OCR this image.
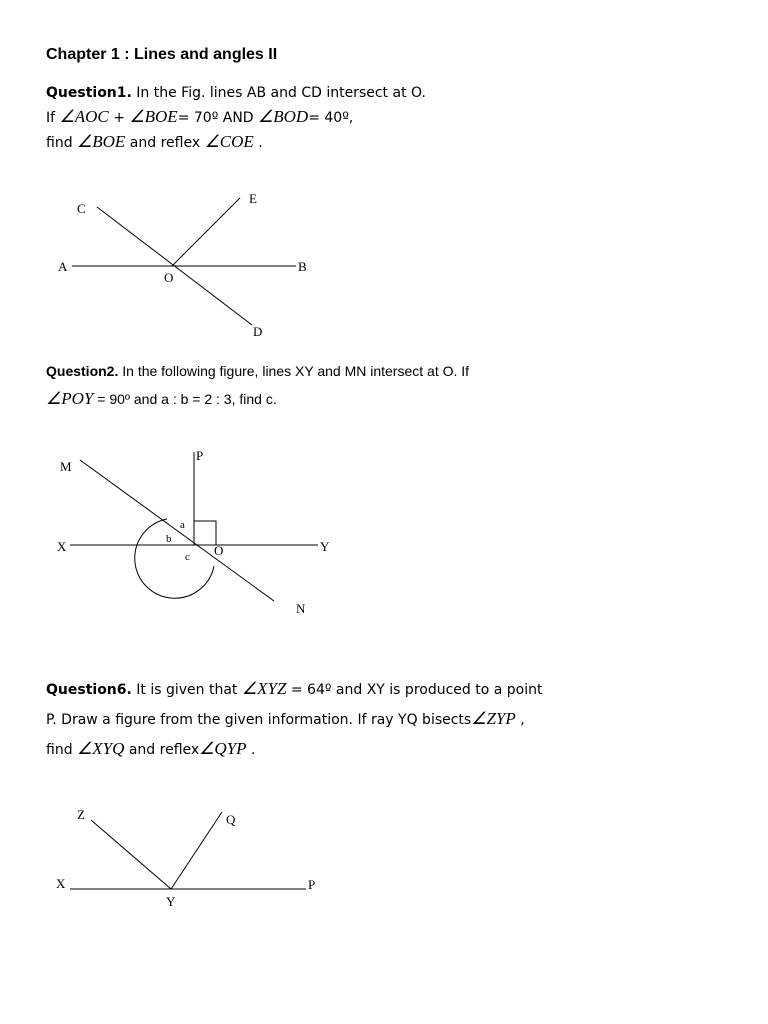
Chapter 1 : Lines and angles II
Question1. In the Fig. lines AB and CD intersect at O.
If ∠AOC + ∠BOE= 70º AND ∠BOD= 40º,
find ∠BOE and reflex ∠COE .
Question2. In the following figure, lines XY and MN intersect at O. If
∠POY = 90º and a : b = 2 : 3, find c.
Question6. It is given that ∠XYZ = 64º and XY is produced to a point
P. Draw a figure from the given information. If ray YQ bisects∠ZYP ,
find ∠XYQ and reflex∠QYP .
C
E
A
O
B
D
P
M
X	Y
O
N
a
b
c
Z	Q
X	P
Y
